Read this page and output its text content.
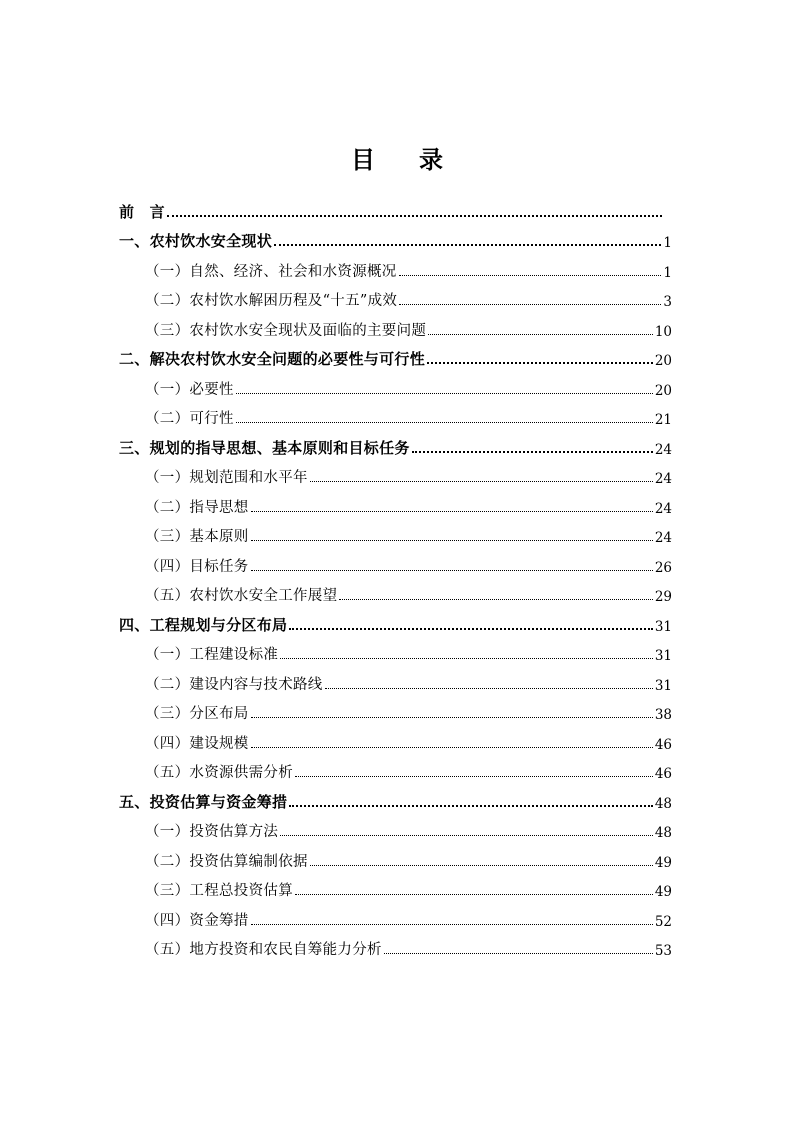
目 录
前　言
一、农村饮水安全现状	1
（一）自然、经济、社会和水资源概况	1
（二）农村饮水解困历程及“十五”成效	3
（三）农村饮水安全现状及面临的主要问题	10
二、解决农村饮水安全问题的必要性与可行性	20
（一）必要性	20
（二）可行性	21
三、规划的指导思想、基本原则和目标任务	24
（一）规划范围和水平年	24
（二）指导思想	24
（三）基本原则	24
（四）目标任务	26
（五）农村饮水安全工作展望	29
四、工程规划与分区布局	31
（一）工程建设标准	31
（二）建设内容与技术路线	31
（三）分区布局	38
（四）建设规模	46
（五）水资源供需分析	46
五、投资估算与资金筹措	48
（一）投资估算方法	48
（二）投资估算编制依据	49
（三）工程总投资估算	49
（四）资金筹措	52
（五）地方投资和农民自筹能力分析	53
